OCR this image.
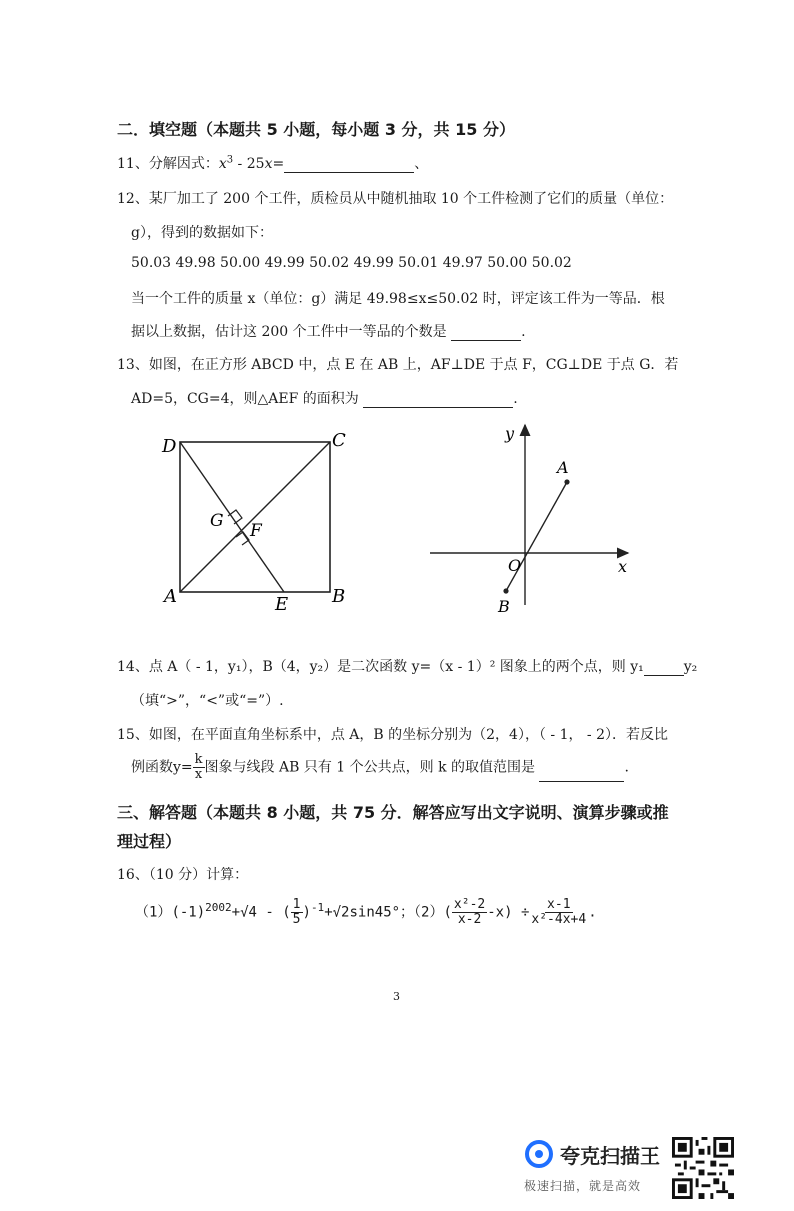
二．填空题（本题共 5 小题，每小题 3 分，共 15 分）
11、分解因式：$x^3 - 25x=$	、
12、某厂加工了 200 个工件，质检员从中随机抽取 10 个工件检测了它们的质量（单位：
g），得到的数据如下：
50.03 49.98 50.00 49.99 50.02 49.99 50.01 49.97 50.00 50.02
当一个工件的质量 x（单位：g）满足 49.98≤x≤50.02 时，评定该工件为一等品．根
据以上数据，估计这 200 个工件中一等品的个数是	.
13、如图，在正方形 ABCD 中，点 E 在 AB 上，AF⊥DE 于点 F，CG⊥DE 于点 G．若
AD=5，CG=4，则△AEF 的面积为	.
D	C
A	B
E
G F
y
x
O
A
B
14、点 A（ - 1，y₁），B（4，y₂）是二次函数 y=（x - 1）² 图象上的两个点，则 y₁	y₂
（填“>”，“<”或“=”）.
15、如图，在平面直角坐标系中，点 A，B 的坐标分别为（2，4），（ - 1， - 2）．若反比
例函数$y= \frac{k}{x}$ 图象与线段 AB 只有 1 个公共点，则 k 的取值范围是	.
三、解答题（本题共 8 小题，共 75 分．解答应写出文字说明、演算步骤或推
理过程）
16、（10 分）计算：
$(1)(-1)^{2002}+√4$ - ( $\frac{1}{5} )^{-1}+√2\sin 45^\circ$；$(2)( \frac{\text{x²-2}}{x-2} -x) \div \frac{x-1}{\text{x²-4x+4}}$ .
3
夸克扫描王
极速扫描，就是高效
